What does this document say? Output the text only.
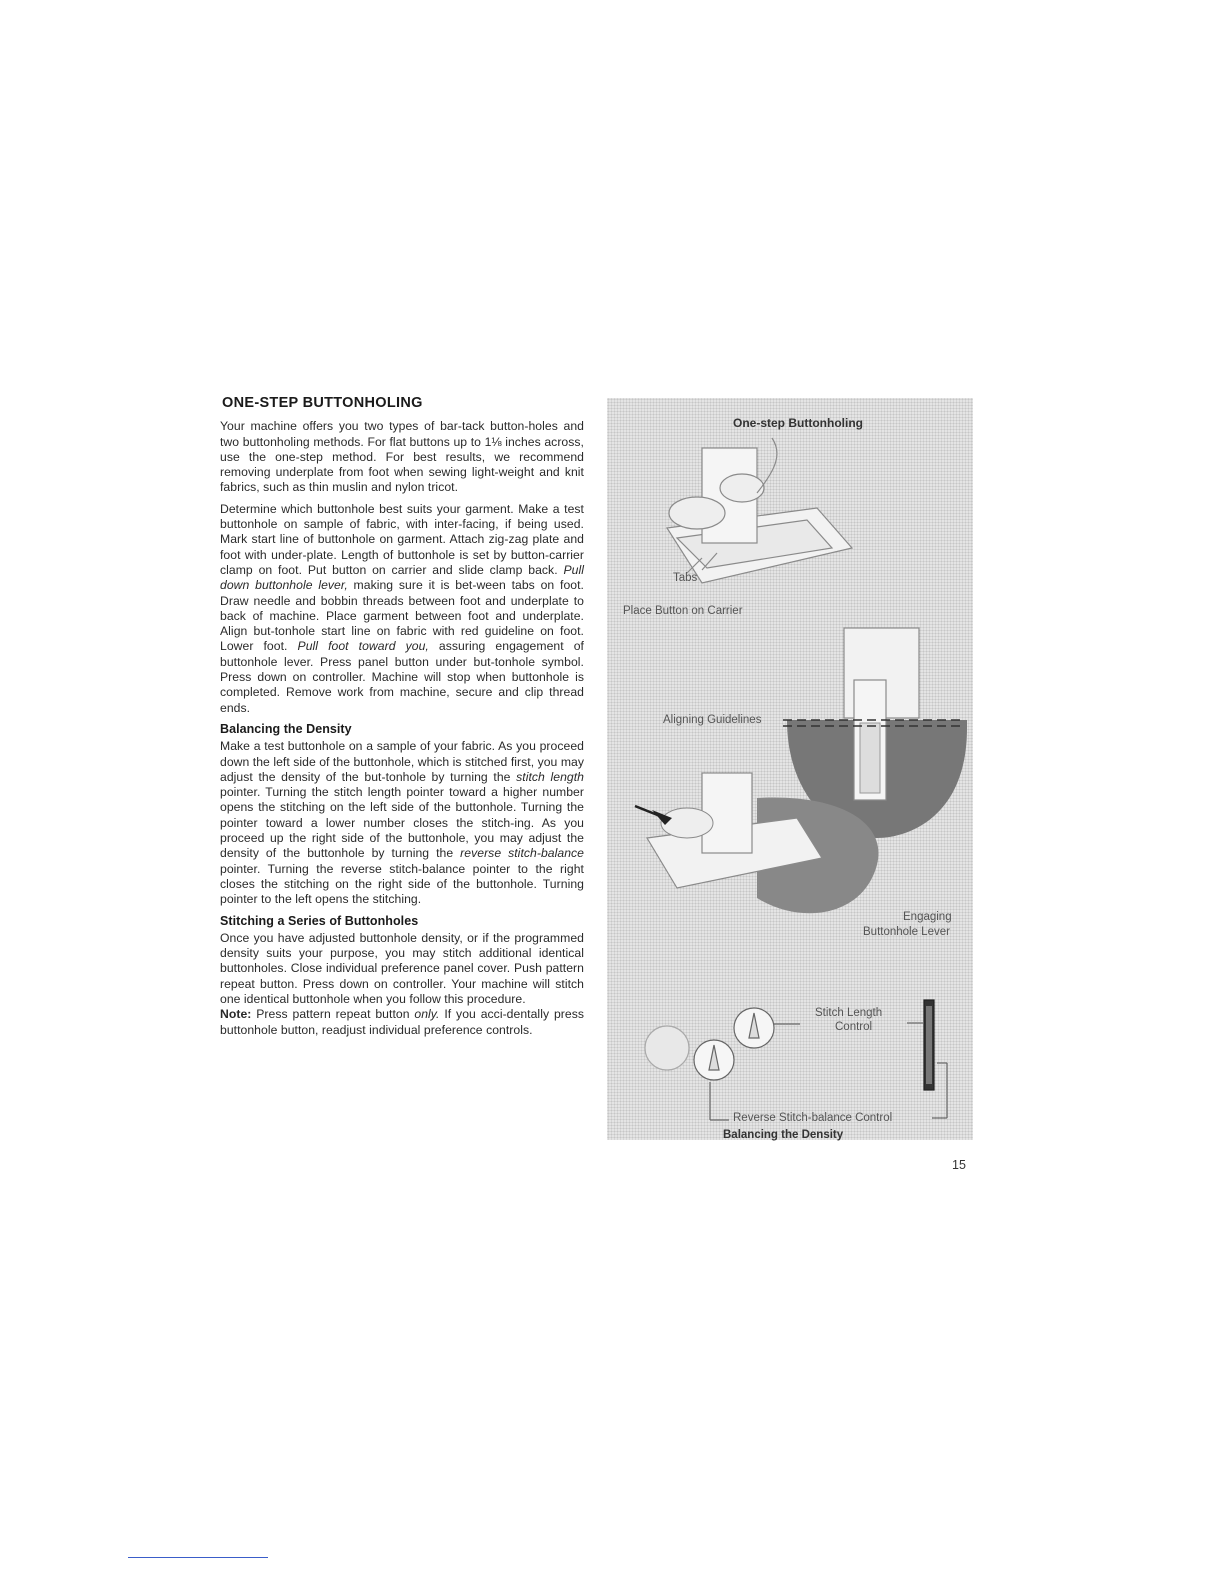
ONE-STEP BUTTONHOLING

Your machine offers you two types of bar-tack button-holes and two buttonholing methods. For flat buttons up to 1⅛ inches across, use the one-step method. For best results, we recommend removing underplate from foot when sewing light-weight and knit fabrics, such as thin muslin and nylon tricot.

Determine which buttonhole best suits your garment. Make a test buttonhole on sample of fabric, with inter-facing, if being used. Mark start line of buttonhole on garment. Attach zig-zag plate and foot with under-plate. Length of buttonhole is set by button-carrier clamp on foot. Put button on carrier and slide clamp back. Pull down buttonhole lever, making sure it is bet-ween tabs on foot. Draw needle and bobbin threads between foot and underplate to back of machine. Place garment between foot and underplate. Align but-tonhole start line on fabric with red guideline on foot. Lower foot. Pull foot toward you, assuring engagement of buttonhole lever. Press panel button under but-tonhole symbol. Press down on controller. Machine will stop when buttonhole is completed. Remove work from machine, secure and clip thread ends.

Balancing the Density

Make a test buttonhole on a sample of your fabric. As you proceed down the left side of the buttonhole, which is stitched first, you may adjust the density of the but-tonhole by turning the stitch length pointer. Turning the stitch length pointer toward a higher number opens the stitching on the left side of the buttonhole. Turning the pointer toward a lower number closes the stitch-ing. As you proceed up the right side of the buttonhole, you may adjust the density of the buttonhole by turning the reverse stitch-balance pointer. Turning the reverse stitch-balance pointer to the right closes the stitching on the right side of the buttonhole. Turning pointer to the left opens the stitching.

Stitching a Series of Buttonholes

Once you have adjusted buttonhole density, or if the programmed density suits your purpose, you may stitch additional identical buttonholes. Close individual preference panel cover. Push pattern repeat button. Press down on controller. Your machine will stitch one identical buttonhole when you follow this procedure.

Note: Press pattern repeat button only. If you acci-dentally press buttonhole button, readjust individual preference controls.

One-step Buttonholing
Tabs
Place Button on Carrier
Aligning Guidelines
Engaging
Buttonhole Lever
Stitch Length
Control
Reverse Stitch-balance Control
Balancing the Density
15
